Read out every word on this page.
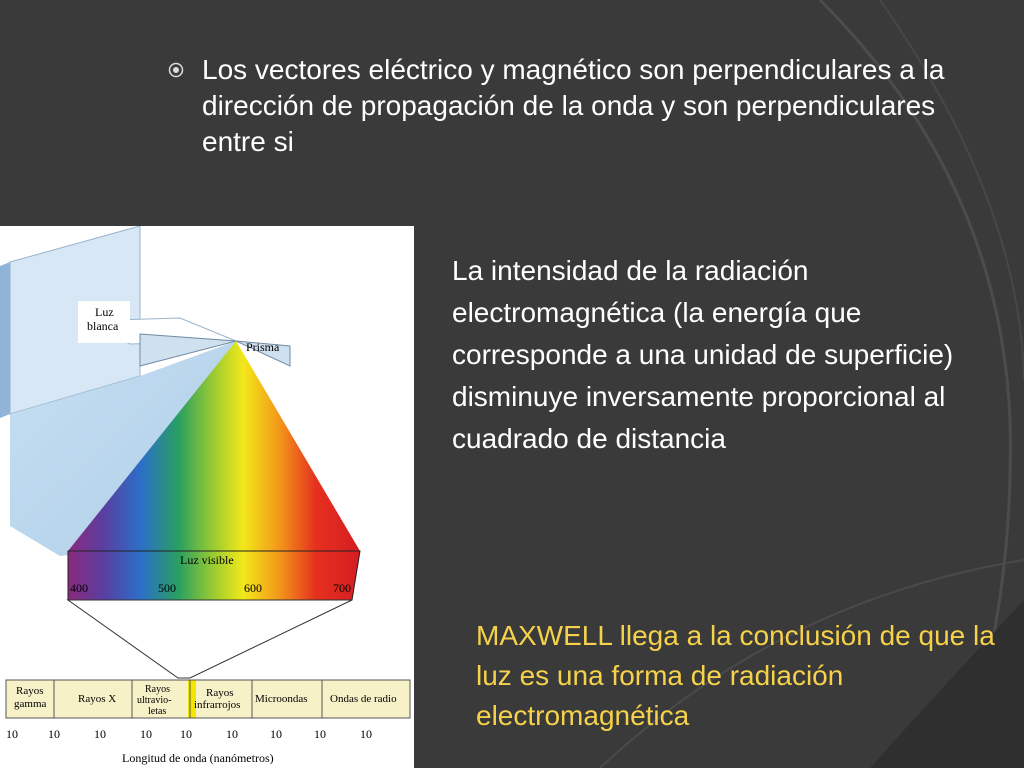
Los vectores eléctrico y magnético son perpendiculares a la dirección de propagación de la onda y son perpendiculares entre si
La intensidad de la radiación electromagnética (la energía que corresponde a una unidad de superficie) disminuye inversamente proporcional al cuadrado de distancia
MAXWELL llega a la conclusión de que la luz es una forma de radiación electromagnética
Luz
blanca
Prisma
Luz visible
400	500	600	700
Rayos
gamma	Rayos X
Rayos
ultravio-
letas
Rayos
infrarrojos Microondas Ondas de radio
10	10	10	10 10	10	10	10	10
Longitud de onda (nanómetros)
